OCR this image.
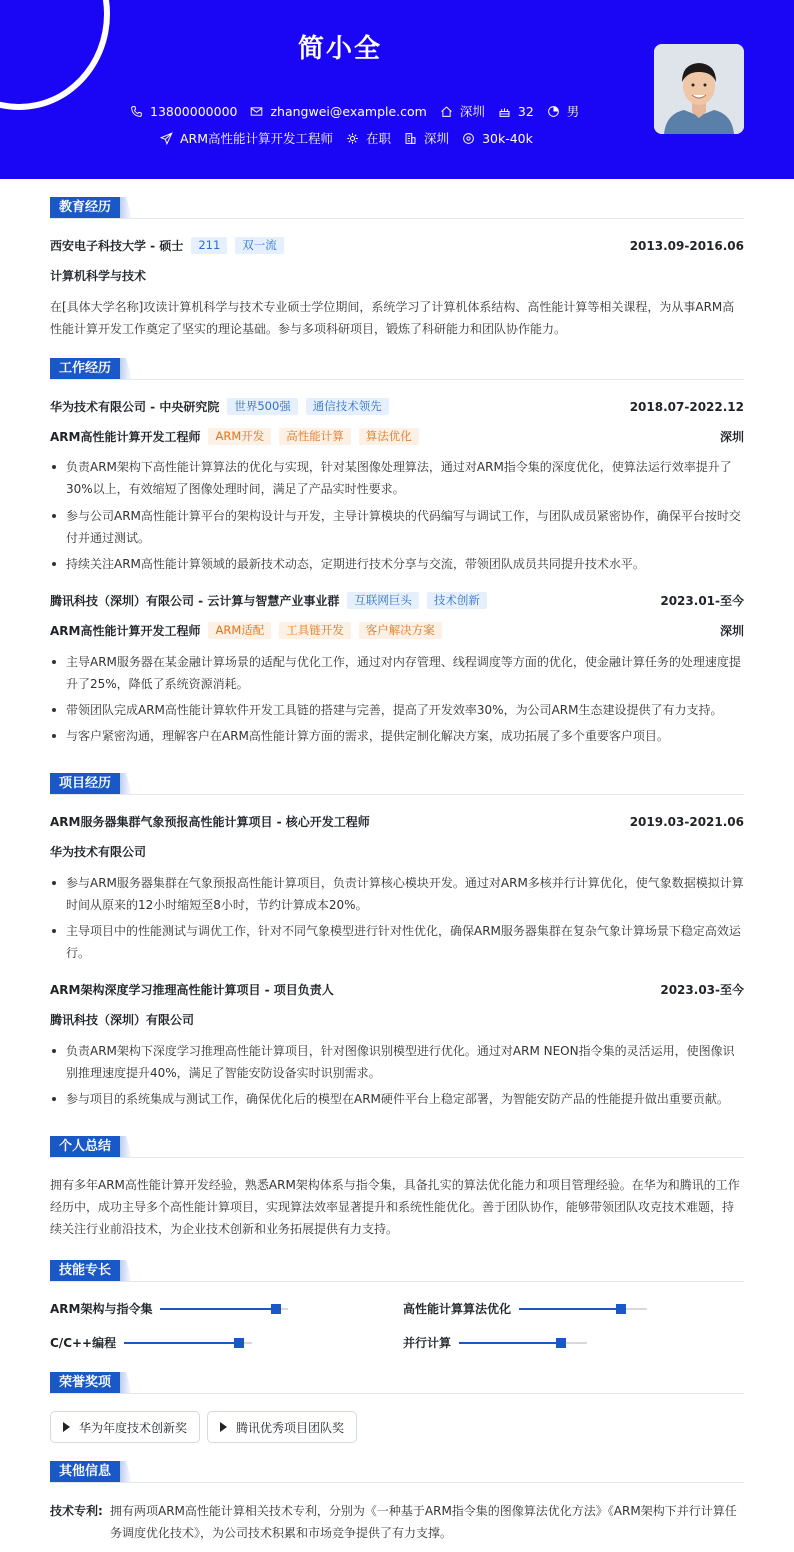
简小全
13800000000	zhangwei@example.com	深圳	32	男
ARM高性能计算开发工程师	在职	深圳	30k-40k
教育经历
西安电子科技大学 - 硕士	211	双一流	2013.09-2016.06
计算机科学与技术
在[具体大学名称]攻读计算机科学与技术专业硕士学位期间，系统学习了计算机体系结构、高性能计算等相关课程，为从事ARM高性能计算开发工作奠定了坚实的理论基础。参与多项科研项目，锻炼了科研能力和团队协作能力。
工作经历
华为技术有限公司 - 中央研究院	世界500强	通信技术领先	2018.07-2022.12
ARM高性能计算开发工程师	ARM开发	高性能计算	算法优化	深圳
负责ARM架构下高性能计算算法的优化与实现，针对某图像处理算法，通过对ARM指令集的深度优化，使算法运行效率提升了30%以上，有效缩短了图像处理时间，满足了产品实时性要求。
参与公司ARM高性能计算平台的架构设计与开发，主导计算模块的代码编写与调试工作，与团队成员紧密协作，确保平台按时交付并通过测试。
持续关注ARM高性能计算领域的最新技术动态，定期进行技术分享与交流，带领团队成员共同提升技术水平。
腾讯科技（深圳）有限公司 - 云计算与智慧产业事业群	互联网巨头	技术创新	2023.01-至今
ARM高性能计算开发工程师	ARM适配	工具链开发	客户解决方案	深圳
主导ARM服务器在某金融计算场景的适配与优化工作，通过对内存管理、线程调度等方面的优化，使金融计算任务的处理速度提升了25%，降低了系统资源消耗。
带领团队完成ARM高性能计算软件开发工具链的搭建与完善，提高了开发效率30%，为公司ARM生态建设提供了有力支持。
与客户紧密沟通，理解客户在ARM高性能计算方面的需求，提供定制化解决方案，成功拓展了多个重要客户项目。
项目经历
ARM服务器集群气象预报高性能计算项目 - 核心开发工程师	2019.03-2021.06
华为技术有限公司
参与ARM服务器集群在气象预报高性能计算项目，负责计算核心模块开发。通过对ARM多核并行计算优化，使气象数据模拟计算时间从原来的12小时缩短至8小时，节约计算成本20%。
主导项目中的性能测试与调优工作，针对不同气象模型进行针对性优化，确保ARM服务器集群在复杂气象计算场景下稳定高效运行。
ARM架构深度学习推理高性能计算项目 - 项目负责人	2023.03-至今
腾讯科技（深圳）有限公司
负责ARM架构下深度学习推理高性能计算项目，针对图像识别模型进行优化。通过对ARM NEON指令集的灵活运用，使图像识别推理速度提升40%，满足了智能安防设备实时识别需求。
参与项目的系统集成与测试工作，确保优化后的模型在ARM硬件平台上稳定部署，为智能安防产品的性能提升做出重要贡献。
个人总结
拥有多年ARM高性能计算开发经验，熟悉ARM架构体系与指令集，具备扎实的算法优化能力和项目管理经验。在华为和腾讯的工作经历中，成功主导多个高性能计算项目，实现算法效率显著提升和系统性能优化。善于团队协作，能够带领团队攻克技术难题，持续关注行业前沿技术，为企业技术创新和业务拓展提供有力支持。
技能专长
ARM架构与指令集	高性能计算算法优化
C/C++编程	并行计算
荣誉奖项
华为年度技术创新奖	腾讯优秀项目团队奖
其他信息
技术专利: 拥有两项ARM高性能计算相关技术专利，分别为《一种基于ARM指令集的图像算法优化方法》《ARM架构下并行计算任务调度优化技术》，为公司技术积累和市场竞争提供了有力支撑。
